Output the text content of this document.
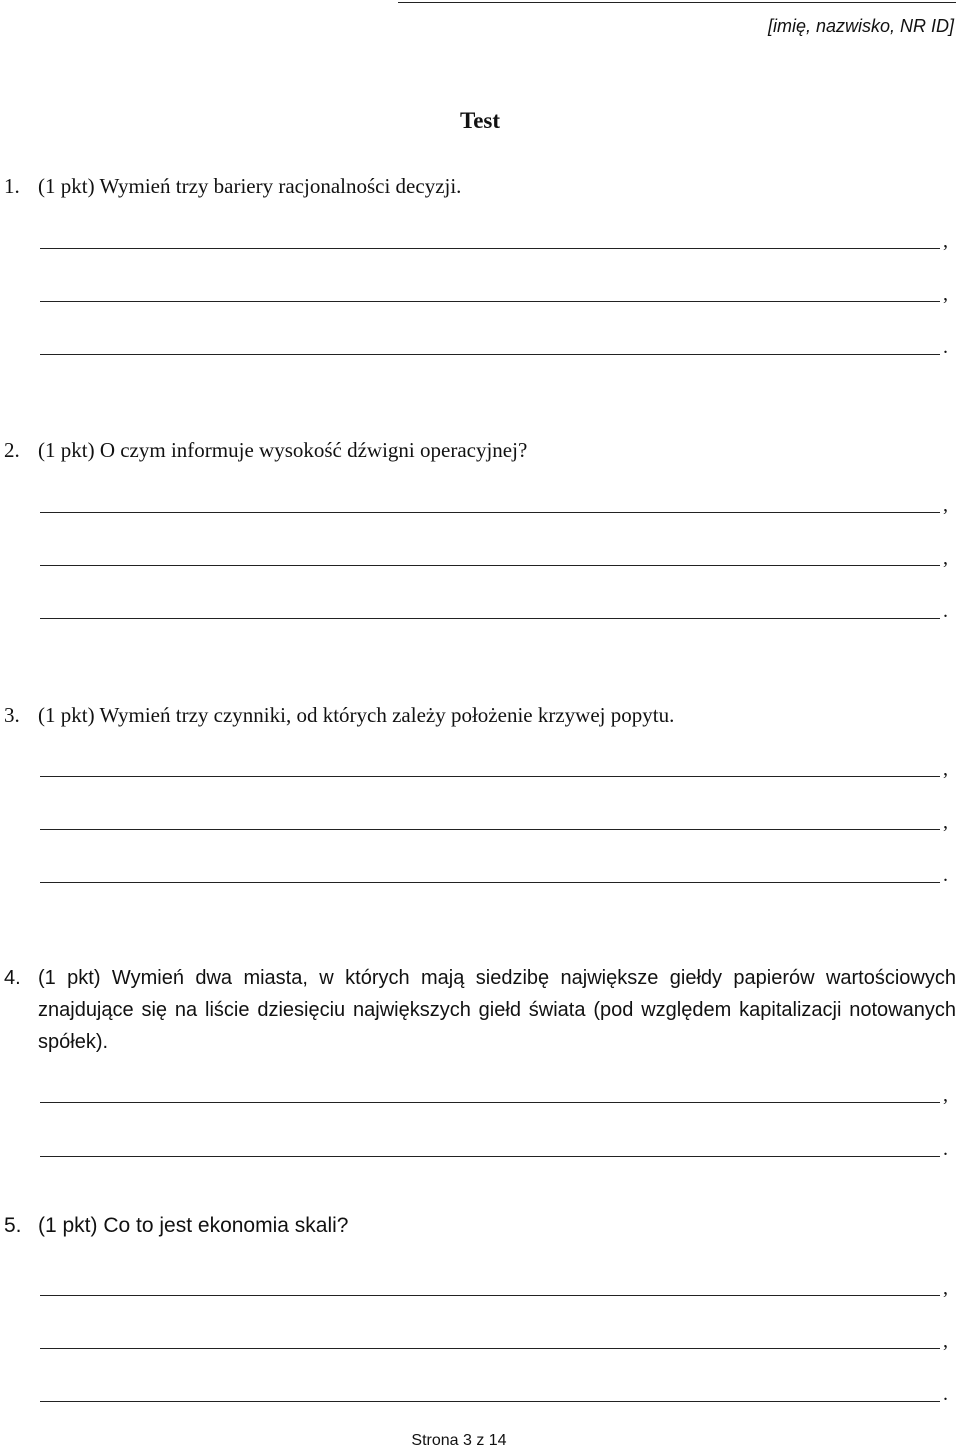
[imię, nazwisko, NR ID]
Test
1. (1 pkt) Wymień trzy bariery racjonalności decyzji.
,
,
.
2. (1 pkt) O czym informuje wysokość dźwigni operacyjnej?
,
,
.
3. (1 pkt) Wymień trzy czynniki, od których zależy położenie krzywej popytu.
,
,
.
4. (1 pkt) Wymień dwa miasta, w których mają siedzibę największe giełdy papierów wartościowych znajdujące się na liście dziesięciu największych giełd świata (pod względem kapitalizacji notowanych spółek).
,
.
5. (1 pkt) Co to jest ekonomia skali?
,
,
.
Strona 3 z 14
